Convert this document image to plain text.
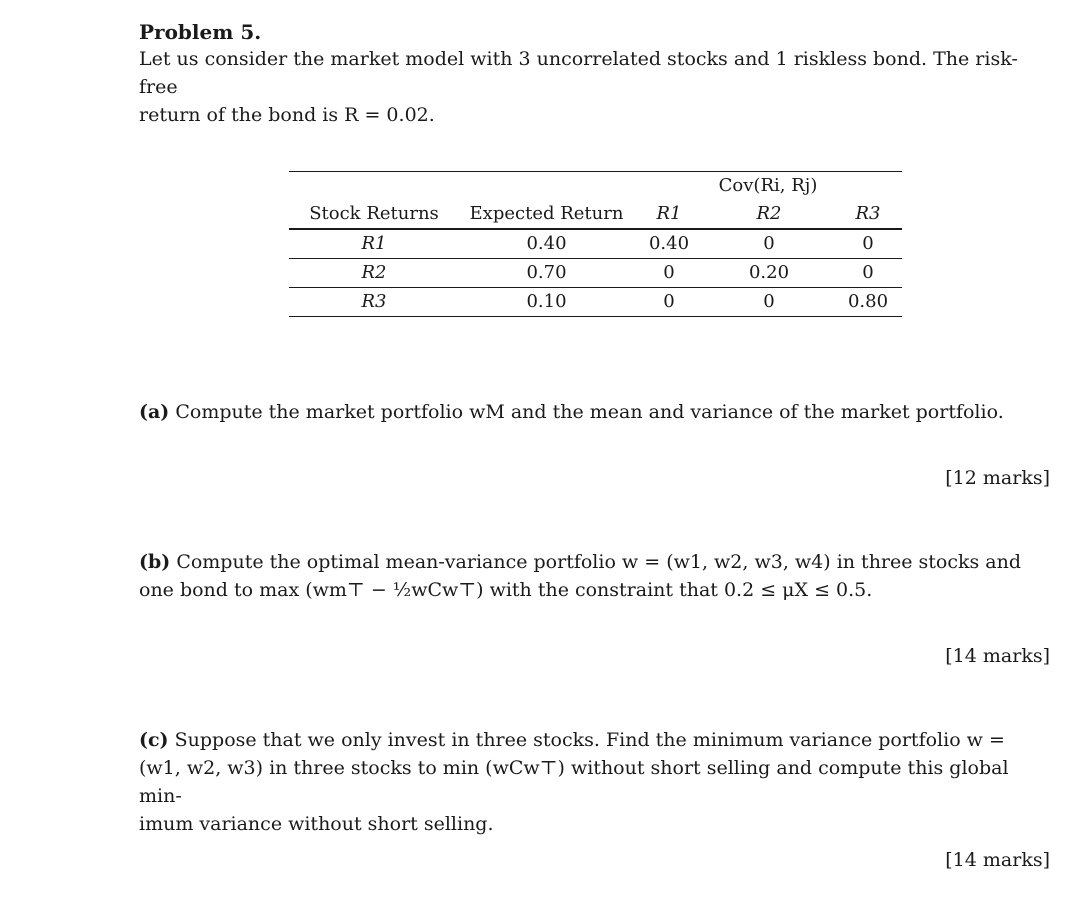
Problem 5.
Let us consider the market model with 3 uncorrelated stocks and 1 riskless bond. The risk-free
return of the bond is R = 0.02.
		Cov(Ri, Rj)		
Stock Returns	Expected Return	R1	R2	R3
R1	0.40	0.40	0	0
R2	0.70	0	0.20	0
R3	0.10	0	0	0.80
(a) Compute the market portfolio wM and the mean and variance of the market portfolio.
[12 marks]
(b) Compute the optimal mean-variance portfolio w = (w1, w2, w3, w4) in three stocks and
one bond to max (wm⊤ − ½wCw⊤) with the constraint that 0.2 ≤ μX ≤ 0.5.
[14 marks]
(c) Suppose that we only invest in three stocks. Find the minimum variance portfolio w =
(w1, w2, w3) in three stocks to min (wCw⊤) without short selling and compute this global min-
imum variance without short selling.
[14 marks]
